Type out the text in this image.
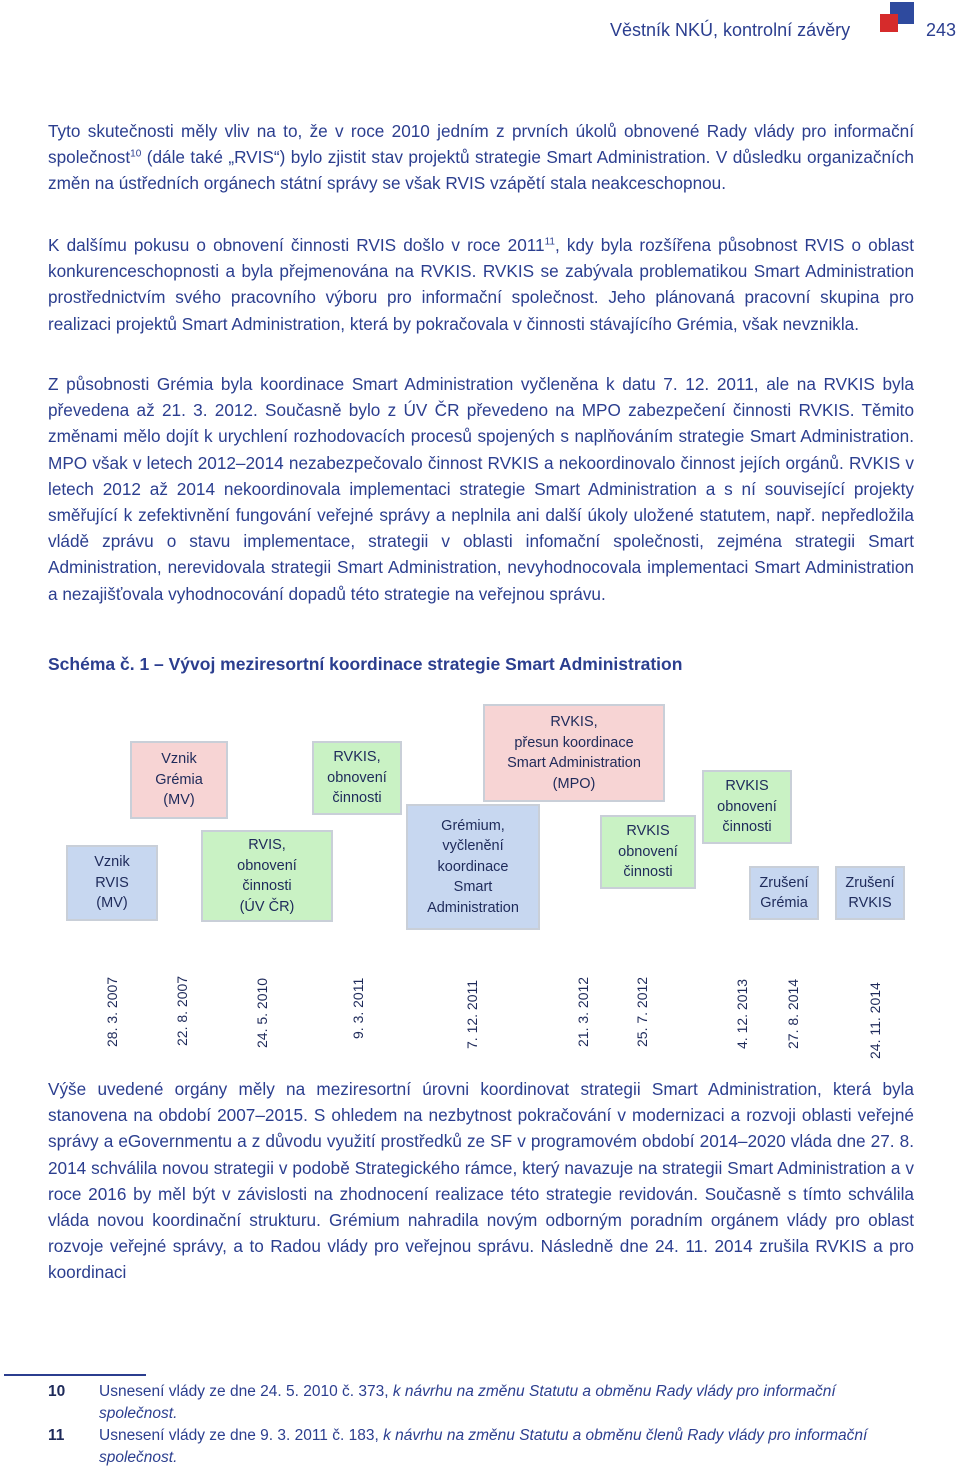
Věstník NKÚ, kontrolní závěry	243
Tyto skutečnosti měly vliv na to, že v roce 2010 jedním z prvních úkolů obnovené Rady vlády pro informační společnost$^{10}$ (dále také „RVIS“) bylo zjistit stav projektů strategie Smart Administration. V důsledku organizačních změn na ústředních orgánech státní správy se však RVIS vzápětí stala neakceschopnou.
K dalšímu pokusu o obnovení činnosti RVIS došlo v roce 2011$^{11}$, kdy byla rozšířena působnost RVIS o oblast konkurenceschopnosti a byla přejmenována na RVKIS. RVKIS se zabývala problematikou Smart Administration prostřednictvím svého pracovního výboru pro informační společnost. Jeho plánovaná pracovní skupina pro realizaci projektů Smart Administration, která by pokračovala v činnosti stávajícího Grémia, však nevznikla.
Z působnosti Grémia byla koordinace Smart Administration vyčleněna k datu 7. 12. 2011, ale na RVKIS byla převedena až 21. 3. 2012. Současně bylo z ÚV ČR převedeno na MPO zabezpečení činnosti RVKIS. Těmito změnami mělo dojít k urychlení rozhodovacích procesů spojených s naplňováním strategie Smart Administration. MPO však v letech 2012–2014 nezabezpečovalo činnost RVKIS a nekoordinovalo činnost jejích orgánů. RVKIS v letech 2012 až 2014 nekoordinovala implementaci strategie Smart Administration a s ní související projekty směřující k zefektivnění fungování veřejné správy a neplnila ani další úkoly uložené statutem, např. nepředložila vládě zprávu o stavu implementace, strategii v oblasti infomační společnosti, zejména strategii Smart Administration, nerevidovala strategii Smart Administration, nevyhodnocovala implementaci Smart Administration a nezajišťovala vyhodnocování dopadů této strategie na veřejnou správu.
Schéma č. 1 – Vývoj meziresortní koordinace strategie Smart Administration
Vznik
RVIS
(MV)
Vznik
Grémia
(MV)
RVIS,
obnovení
činnosti
(ÚV ČR)
RVKIS,
obnovení
činnosti
Grémium,
vyčlenění
koordinace
Smart
Administration
RVKIS,
přesun koordinace
Smart Administration
(MPO)
RVKIS
obnovení
činnosti
RVKIS
obnovení
činnosti
Zrušení
Grémia
Zrušení
RVKIS
28. 3. 2007	22. 8. 2007	24. 5. 2010	9. 3. 2011	7. 12. 2011	21. 3. 2012	25. 7. 2012	4. 12. 2013	27. 8. 2014	24. 11. 2014
Výše uvedené orgány měly na meziresortní úrovni koordinovat strategii Smart Administration, která byla stanovena na období 2007–2015. S ohledem na nezbytnost pokračování v modernizaci a rozvoji oblasti veřejné správy a eGovernmentu a z důvodu využití prostředků ze SF v programovém období 2014–2020 vláda dne 27. 8. 2014 schválila novou strategii v podobě Strategického rámce, který navazuje na strategii Smart Administration a v roce 2016 by měl být v závislosti na zhodnocení realizace této strategie revidován. Současně s tímto schválila vláda novou koordinační strukturu. Grémium nahradila novým odborným poradním orgánem vlády pro oblast rozvoje veřejné správy, a to Radou vlády pro veřejnou správu. Následně dne 24. 11. 2014 zrušila RVKIS a pro koordinaci
10 Usnesení vlády ze dne 24. 5. 2010 č. 373, k návrhu na změnu Statutu a obměnu Rady vlády pro informační společnost.
11 Usnesení vlády ze dne 9. 3. 2011 č. 183, k návrhu na změnu Statutu a obměnu členů Rady vlády pro informační společnost.
